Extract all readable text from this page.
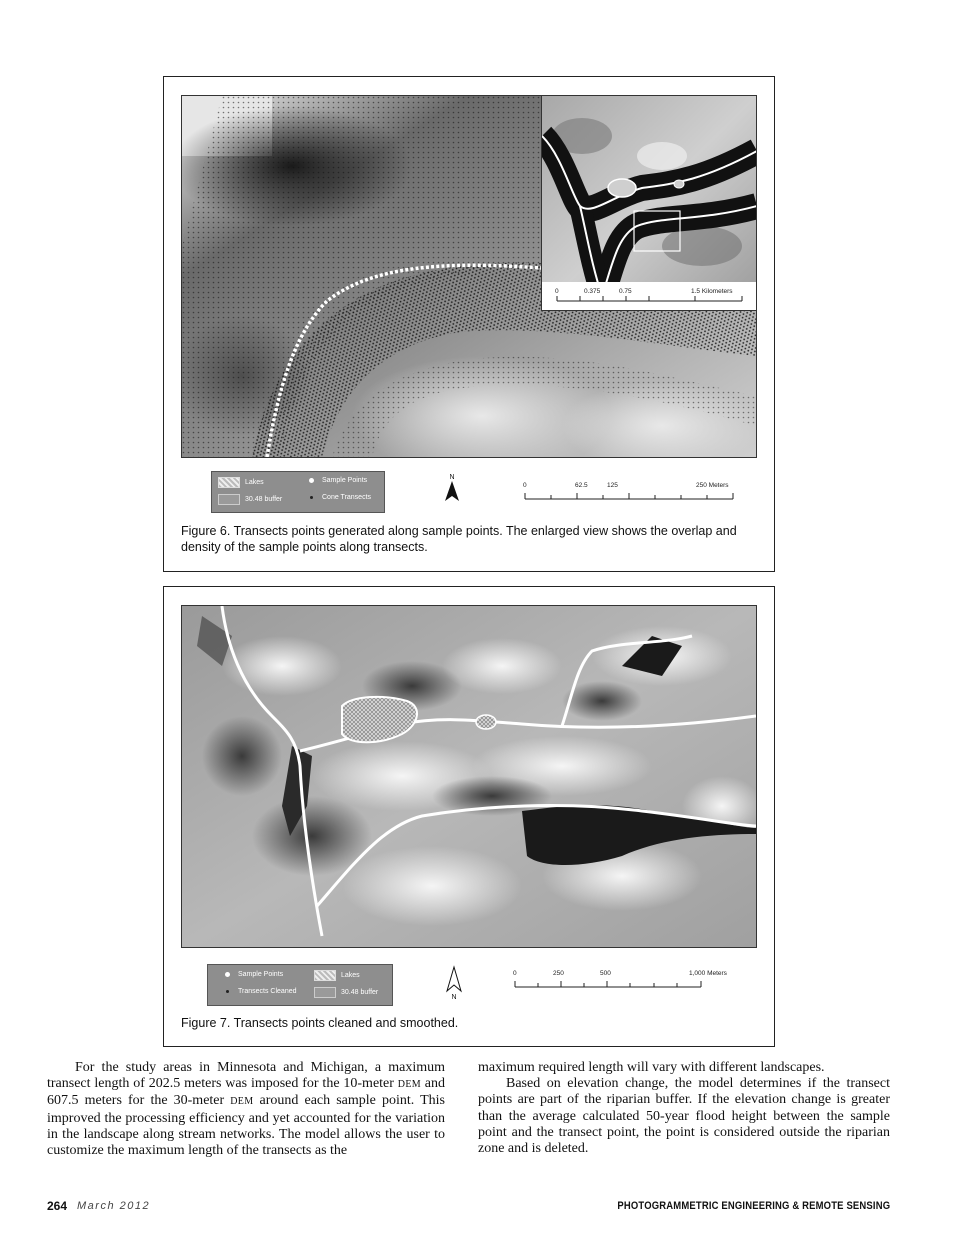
0	0.375	0.75	1.5 Kilometers
Lakes
30.48 buffer
Sample Points
Cone Transects
N
0	62.5	125	250 Meters
Figure 6. Transects points generated along sample points. The enlarged view shows the overlap and density of the sample points along transects.
Sample Points
Transects Cleaned
Lakes
30.48 buffer
N
0	250	500	1,000 Meters
Figure 7. Transects points cleaned and smoothed.

For the study areas in Minnesota and Michigan, a maximum transect length of 202.5 meters was imposed for the 10-meter DEM and 607.5 meters for the 30-meter DEM around each sample point. This improved the processing efficiency and yet accounted for the variation in the landscape along stream networks. The model allows the user to customize the maximum length of the transects as the

maximum required length will vary with different landscapes.

Based on elevation change, the model determines if the transect points are part of the riparian buffer. If the elevation change is greater than the average calculated 50-year flood height between the sample point and the transect point, the point is considered outside the riparian zone and is deleted.

264 March 2012	PHOTOGRAMMETRIC ENGINEERING & REMOTE SENSING
